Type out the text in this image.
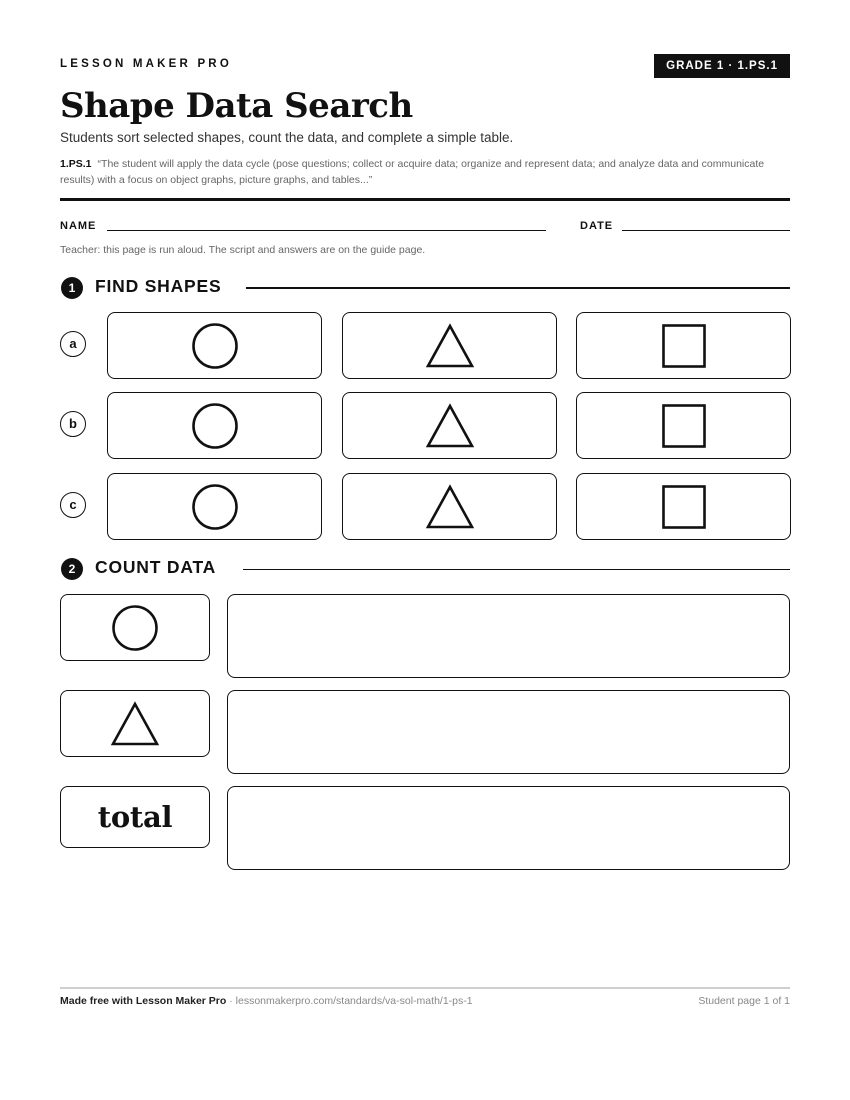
LESSON MAKER PRO	GRADE 1 · 1.PS.1
Shape Data Search
Students sort selected shapes, count the data, and complete a simple table.
1.PS.1 “The student will apply the data cycle (pose questions; collect or acquire data; organize and represent data; and analyze data and communicate results) with a focus on object graphs, picture graphs, and tables...”
NAME	DATE
Teacher: this page is run aloud. The script and answers are on the guide page.
1	FIND SHAPES
a
b
c
2	COUNT DATA
total
Made free with Lesson Maker Pro · lessonmakerpro.com/standards/va-sol-math/1-ps-1	Student page 1 of 1
